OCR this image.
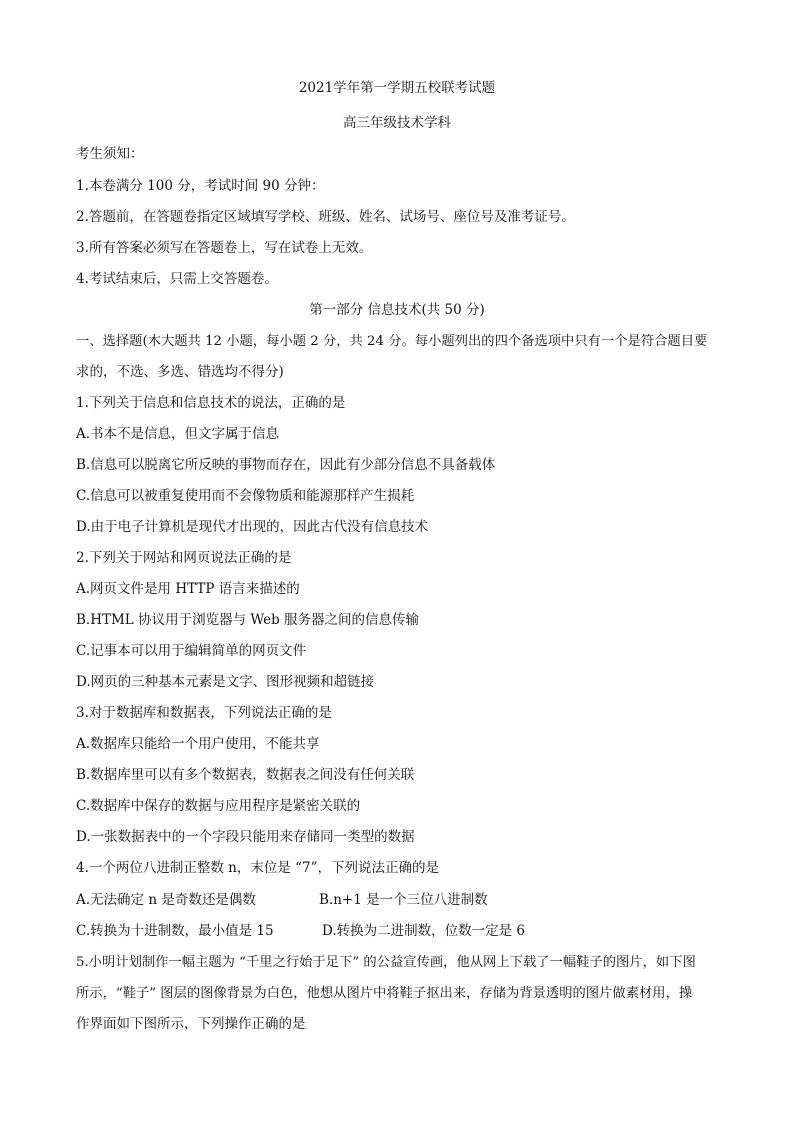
2021学年第一学期五校联考试题
高三年级技术学科
考生须知：
1.本卷满分 100 分，考试时间 90 分钟：
2.答题前，在答题卷指定区域填写学校、班级、姓名、试场号、座位号及准考证号。
3.所有答案必须写在答题卷上，写在试卷上无效。
4.考试结束后，只需上交答题卷。
第一部分 信息技术(共 50 分)
一、选择题(木大题共 12 小题，每小题 2 分，共 24 分。每小题列出的四个备选项中只有一个是符合题目要
求的，不选、多选、错选均不得分)
1.下列关于信息和信息技术的说法，正确的是
A.书本不是信息，但文字属于信息
B.信息可以脱离它所反映的事物而存在，因此有少部分信息不具备载体
C.信息可以被重复使用而不会像物质和能源那样产生损耗
D.由于电子计算机是现代才出现的，因此古代没有信息技术
2.下列关于网站和网页说法正确的是
A.网页文件是用 HTTP 语言来描述的
B.HTML 协议用于浏览器与 Web 服务器之间的信息传输
C.记事本可以用于编辑简单的网页文件
D.网页的三种基本元素是文字、图形视频和超链接
3.对于数据库和数据表，下列说法正确的是
A.数据库只能给一个用户使用，不能共享
B.数据库里可以有多个数据表，数据表之间没有任何关联
C.数据库中保存的数据与应用程序是紧密关联的
D.一张数据表中的一个字段只能用来存储同一类型的数据
4.一个两位八进制正整数 n，末位是 “7”，下列说法正确的是
A.无法确定 n 是奇数还是偶数	B.n+1 是一个三位八进制数
C.转换为十进制数，最小值是 15	D.转换为二进制数，位数一定是 6
5.小明计划制作一幅主题为 “千里之行始于足下” 的公益宣传画，他从网上下载了一幅鞋子的图片，如下图
所示，“鞋子” 图层的图像背景为白色，他想从图片中将鞋子抠出来，存储为背景透明的图片做素材用，操
作界面如下图所示，下列操作正确的是
